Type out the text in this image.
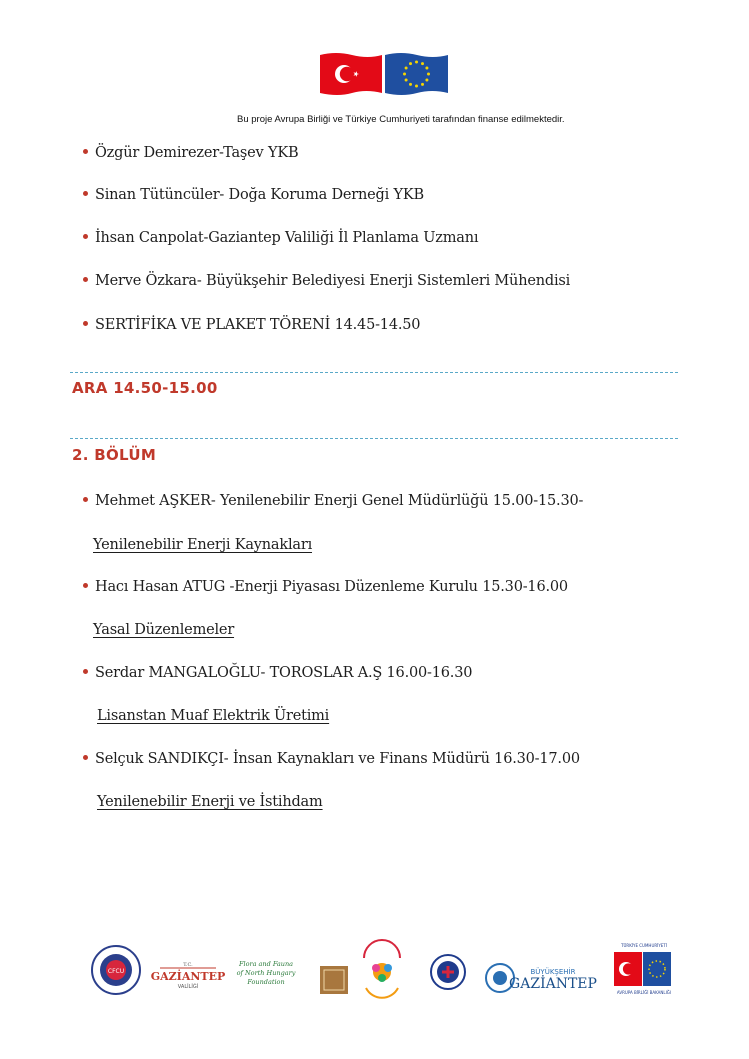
Bu proje Avrupa Birliği ve Türkiye Cumhuriyeti tarafından finanse edilmektedir.
Özgür Demirezer-Taşev YKB
Sinan Tütüncüler- Doğa Koruma Derneği YKB
İhsan Canpolat-Gaziantep Valiliği İl Planlama Uzmanı
Merve Özkara- Büyükşehir Belediyesi Enerji Sistemleri Mühendisi
SERTİFİKA VE PLAKET TÖRENİ 14.45-14.50
ARA 14.50-15.00
2. BÖLÜM
Mehmet AŞKER- Yenilenebilir Enerji Genel Müdürlüğü 15.00-15.30-
Yenilenebilir Enerji Kaynakları
Hacı Hasan ATUG -Enerji Piyasası Düzenleme Kurulu 15.30-16.00
Yasal Düzenlemeler
Serdar MANGALOĞLU- TOROSLAR A.Ş 16.00-16.30
Lisanstan Muaf Elektrik Üretimi
Selçuk SANDIKÇI- İnsan Kaynakları ve Finans Müdürü 16.30-17.00
Yenilenebilir Enerji ve İstihdam
CFCU
T.C.
GAZİANTEP
VALİLİĞİ
Flora and Fauna
of North Hungary
Foundation
BÜYÜKŞEHİR
GAZİANTEP
TÜRKİYE CUMHURİYETİ
AVRUPA BİRLİĞİ BAKANLIĞI
